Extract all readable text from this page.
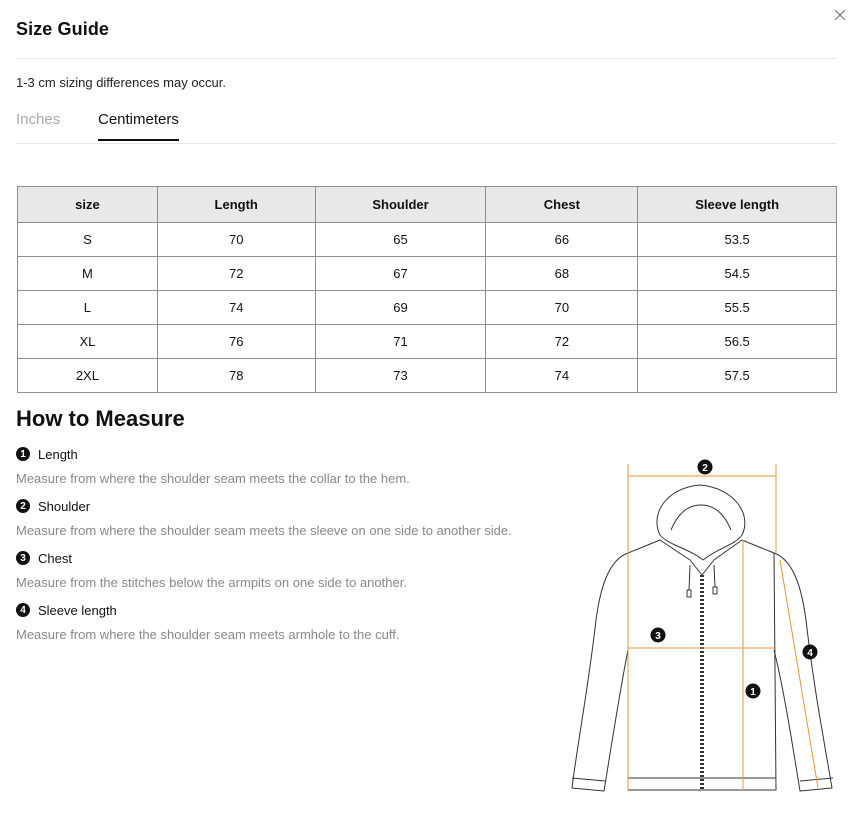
Size Guide
1-3 cm sizing differences may occur.
Inches	Centimeters
size	Length	Shoulder	Chest	Sleeve length
S	70	65	66	53.5
M	72	67	68	54.5
L	74	69	70	55.5
XL	76	71	72	56.5
2XL	78	73	74	57.5
How to Measure
1 Length
Measure from where the shoulder seam meets the collar to the hem.
2 Shoulder
Measure from where the shoulder seam meets the sleeve on one side to another side.
3 Chest
Measure from the stitches below the armpits on one side to another.
4 Sleeve length
Measure from where the shoulder seam meets armhole to the cuff.
2
3
4
1
